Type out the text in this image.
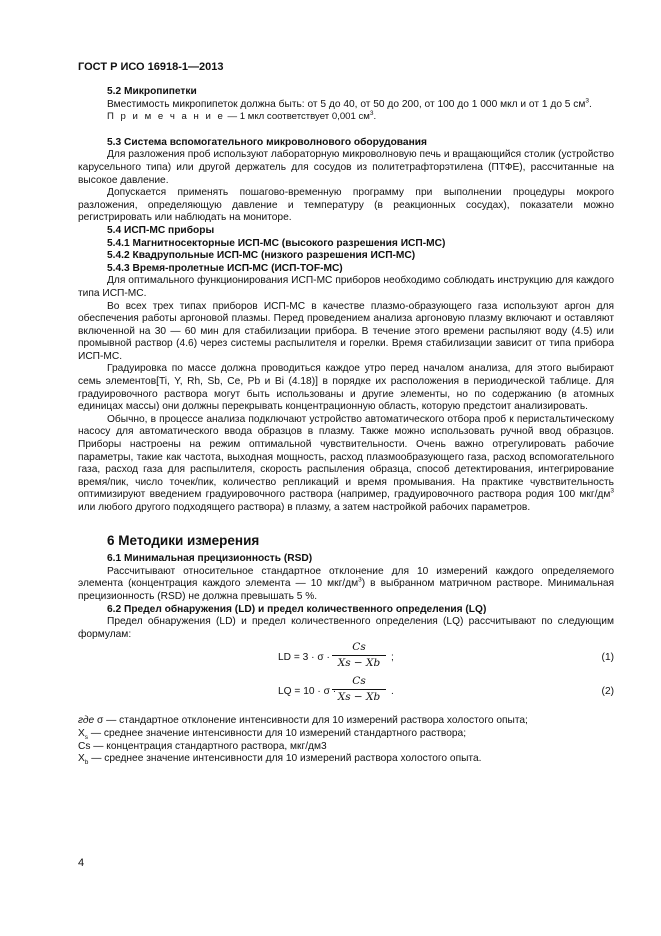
ГОСТ Р ИСО 16918-1—2013
5.2 Микропипетки
Вместимость микропипеток должна быть: от 5 до 40, от 50 до 200, от 100 до 1 000 мкл и от 1 до 5 $см^3$.
П р и м е ч а н и е — 1 мкл соответствует 0,001 $см^3$.
5.3 Система вспомогательного микроволнового оборудования

Для разложения проб используют лабораторную микроволновую печь и вращающийся столик (устройство карусельного типа) или другой держатель для сосудов из политетрафторэтилена (ПТФЕ), рассчитанные на высокое давление.

Допускается применять пошагово-временную программу при выполнении процедуры мокрого разложения, определяющую давление и температуру (в реакционных сосудах), показатели можно регистрировать или наблюдать на мониторе.

5.4 ИСП-МС приборы
5.4.1 Магнитносекторные ИСП-МС (высокого разрешения ИСП-МС)
5.4.2 Квадрупольные ИСП-МС (низкого разрешения ИСП-МС)
5.4.3 Время-пролетные ИСП-МС (ИСП-TOF-МС)

Для оптимального функционирования ИСП-МС приборов необходимо соблюдать инструкцию для каждого типа ИСП-МС.

Во всех трех типах приборов ИСП-МС в качестве плазмо-образующего газа используют аргон для обеспечения работы аргоновой плазмы. Перед проведением анализа аргоновую плазму включают и оставляют включенной на 30 — 60 мин для стабилизации прибора. В течение этого времени распыляют воду (4.5) или промывной раствор (4.6) через системы распылителя и горелки. Время стабилизации зависит от типа прибора ИСП-МС.

Градуировка по массе должна проводиться каждое утро перед началом анализа, для этого выбирают семь элементов[Ti, Y, Rh, Sb, Ce, Pb и Bi (4.18)] в порядке их расположения в периодической таблице. Для градуировочного раствора могут быть использованы и другие элементы, но по содержанию (в атомных единицах массы) они должны перекрывать концентрационную область, которую предстоит анализировать.

Обычно, в процессе анализа подключают устройство автоматического отбора проб к перистальтическому насосу для автоматического ввода образцов в плазму. Также можно использовать ручной ввод образцов. Приборы настроены на режим оптимальной чувствительности. Очень важно отрегулировать рабочие параметры, такие как частота, выходная мощность, расход плазмообразующего газа, расход вспомогательного газа, расход газа для распылителя, скорость распыления образца, способ детектирования, интегрирование время/пик, число точек/пик, количество репликаций и время промывания. На практике чувствительность оптимизируют введением градуировочного раствора (например, градуировочного раствора родия 100 мкг/$дм^3$ или любого другого подходящего раствора) в плазму, а затем настройкой рабочих параметров.

6 Методики измерения
6.1 Минимальная прецизионность (RSD)

Рассчитывают относительное стандартное отклонение для 10 измерений каждого определяемого элемента (концентрация каждого элемента — 10 мкг/$дм^3$) в выбранном матричном растворе. Минимальная прецизионность (RSD) не должна превышать 5 %.

6.2 Предел обнаружения (LD) и предел количественного определения (LQ)

Предел обнаружения (LD) и предел количественного определения (LQ) рассчитывают по следующим формулам:

LD = $3 \cdot \sigma \cdot \frac{Cs}{Xs - Xb}$ ;	(1)
LQ = 10 · σ ·
$\frac{Cs}{Xs - Xb}$ .	(2)
где σ — стандартное отклонение интенсивности для 10 измерений раствора холостого опыта;
$X_s$ — среднее значение интенсивности для 10 измерений стандартного раствора;
Cs — концентрация стандартного раствора, мкг/дм3
$X_b$ — среднее значение интенсивности для 10 измерений раствора холостого опыта.
4
